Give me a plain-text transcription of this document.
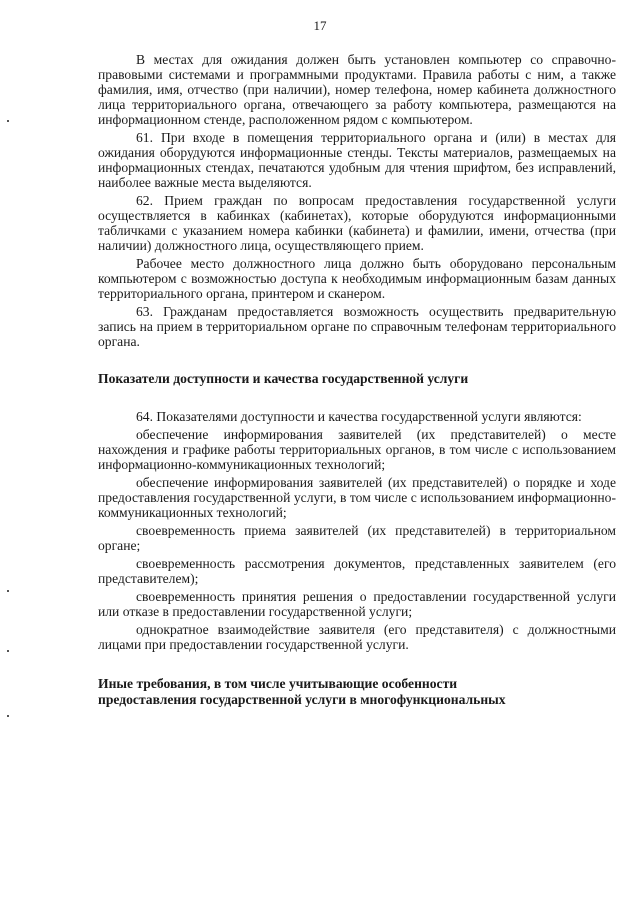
17

В местах для ожидания должен быть установлен компьютер со справочно-правовыми системами и программными продуктами. Правила работы с ним, а также фамилия, имя, отчество (при наличии), номер телефона, номер кабинета должностного лица территориального органа, отвечающего за работу компьютера, размещаются на информационном стенде, расположенном рядом с компьютером.

61. При входе в помещения территориального органа и (или) в местах для ожидания оборудуются информационные стенды. Тексты материалов, размещаемых на информационных стендах, печатаются удобным для чтения шрифтом, без исправлений, наиболее важные места выделяются.

62. Прием граждан по вопросам предоставления государственной услуги осуществляется в кабинках (кабинетах), которые оборудуются информационными табличками с указанием номера кабинки (кабинета) и фамилии, имени, отчества (при наличии) должностного лица, осуществляющего прием.

Рабочее место должностного лица должно быть оборудовано персональным компьютером с возможностью доступа к необходимым информационным базам данных территориального органа, принтером и сканером.

63. Гражданам предоставляется возможность осуществить предварительную запись на прием в территориальном органе по справочным телефонам территориального органа.

Показатели доступности и качества государственной услуги

64. Показателями доступности и качества государственной услуги являются:

обеспечение информирования заявителей (их представителей) о месте нахождения и графике работы территориальных органов, в том числе с использованием информационно-коммуникационных технологий;

обеспечение информирования заявителей (их представителей) о порядке и ходе предоставления государственной услуги, в том числе с использованием информационно-коммуникационных технологий;

своевременность приема заявителей (их представителей) в территориальном органе;

своевременность рассмотрения документов, представленных заявителем (его представителем);

своевременность принятия решения о предоставлении государственной услуги или отказе в предоставлении государственной услуги;

однократное взаимодействие заявителя (его представителя) с должностными лицами при предоставлении государственной услуги.

Иные требования, в том числе учитывающие особенности
предоставления государственной услуги в многофункциональных
